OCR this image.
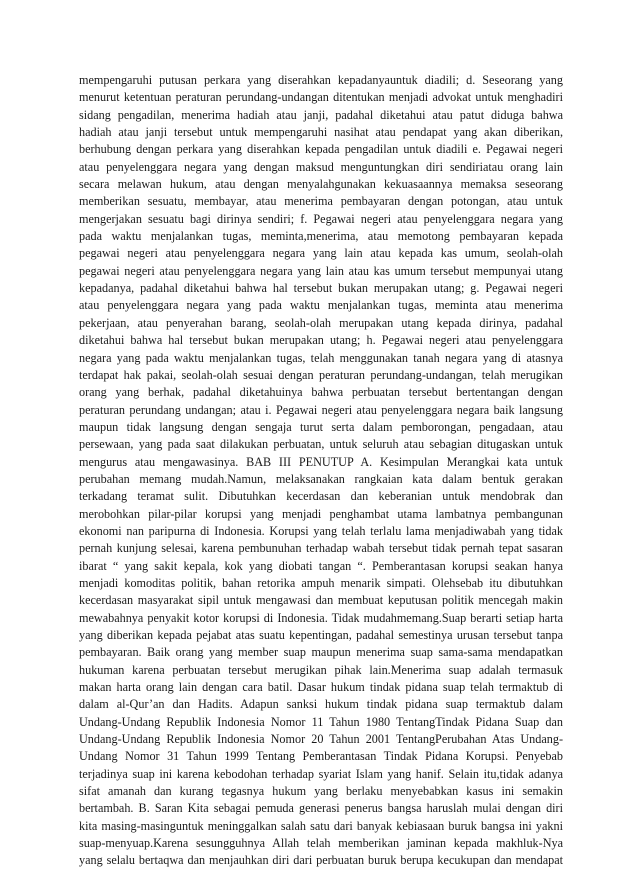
mempengaruhi putusan perkara yang diserahkan kepadanyauntuk diadili; d. Seseorang yang
menurut ketentuan peraturan perundang-undangan ditentukan menjadi advokat untuk menghadiri
sidang pengadilan, menerima hadiah atau janji, padahal diketahui atau patut diduga bahwa
hadiah atau janji tersebut untuk mempengaruhi nasihat atau pendapat yang akan diberikan,
berhubung dengan perkara yang diserahkan kepada pengadilan untuk diadili e. Pegawai negeri
atau penyelenggara negara yang dengan maksud menguntungkan diri sendiriatau orang lain
secara melawan hukum, atau dengan menyalahgunakan kekuasaannya memaksa seseorang
memberikan sesuatu, membayar, atau menerima pembayaran dengan potongan, atau untuk
mengerjakan sesuatu bagi dirinya sendiri; f. Pegawai negeri atau penyelenggara negara yang
pada waktu menjalankan tugas, meminta,menerima, atau memotong pembayaran kepada
pegawai negeri atau penyelenggara negara yang lain atau kepada kas umum, seolah-olah
pegawai negeri atau penyelenggara negara yang lain atau kas umum tersebut mempunyai utang
kepadanya, padahal diketahui bahwa hal tersebut bukan merupakan utang; g. Pegawai negeri
atau penyelenggara negara yang pada waktu menjalankan tugas, meminta atau menerima
pekerjaan, atau penyerahan barang, seolah-olah merupakan utang kepada dirinya, padahal
diketahui bahwa hal tersebut bukan merupakan utang; h. Pegawai negeri atau penyelenggara
negara yang pada waktu menjalankan tugas, telah menggunakan tanah negara yang di atasnya
terdapat hak pakai, seolah-olah sesuai dengan peraturan perundang-undangan, telah merugikan
orang yang berhak, padahal diketahuinya bahwa perbuatan tersebut bertentangan dengan
peraturan perundang undangan; atau i. Pegawai negeri atau penyelenggara negara baik langsung
maupun tidak langsung dengan sengaja turut serta dalam pemborongan, pengadaan, atau
persewaan, yang pada saat dilakukan perbuatan, untuk seluruh atau sebagian ditugaskan untuk
mengurus atau mengawasinya. BAB III PENUTUP A. Kesimpulan Merangkai kata untuk
perubahan memang mudah.Namun, melaksanakan rangkaian kata dalam bentuk gerakan
terkadang teramat sulit. Dibutuhkan kecerdasan dan keberanian untuk mendobrak dan
merobohkan pilar-pilar korupsi yang menjadi penghambat utama lambatnya pembangunan
ekonomi nan paripurna di Indonesia. Korupsi yang telah terlalu lama menjadiwabah yang tidak
pernah kunjung selesai, karena pembunuhan terhadap wabah tersebut tidak pernah tepat sasaran
ibarat “ yang sakit kepala, kok yang diobati tangan “. Pemberantasan korupsi seakan hanya
menjadi komoditas politik, bahan retorika ampuh menarik simpati. Olehsebab itu dibutuhkan
kecerdasan masyarakat sipil untuk mengawasi dan membuat keputusan politik mencegah makin
mewabahnya penyakit kotor korupsi di Indonesia. Tidak mudahmemang.Suap berarti setiap harta
yang diberikan kepada pejabat atas suatu kepentingan, padahal semestinya urusan tersebut tanpa
pembayaran. Baik orang yang member suap maupun menerima suap sama-sama mendapatkan
hukuman karena perbuatan tersebut merugikan pihak lain.Menerima suap adalah termasuk
makan harta orang lain dengan cara batil. Dasar hukum tindak pidana suap telah termaktub di
dalam al-Qur’an dan Hadits. Adapun sanksi hukum tindak pidana suap termaktub dalam
Undang-Undang Republik Indonesia Nomor 11 Tahun 1980 TentangTindak Pidana Suap dan
Undang-Undang Republik Indonesia Nomor 20 Tahun 2001 TentangPerubahan Atas Undang-
Undang Nomor 31 Tahun 1999 Tentang Pemberantasan Tindak Pidana Korupsi. Penyebab
terjadinya suap ini karena kebodohan terhadap syariat Islam yang hanif. Selain itu,tidak adanya
sifat amanah dan kurang tegasnya hukum yang berlaku menyebabkan kasus ini semakin
bertambah. B. Saran Kita sebagai pemuda generasi penerus bangsa haruslah mulai dengan diri
kita masing-masinguntuk meninggalkan salah satu dari banyak kebiasaan buruk bangsa ini yakni
suap-menyuap.Karena sesungguhnya Allah telah memberikan jaminan kepada makhluk-Nya
yang selalu bertaqwa dan menjauhkan diri dari perbuatan buruk berupa kecukupan dan mendapat
